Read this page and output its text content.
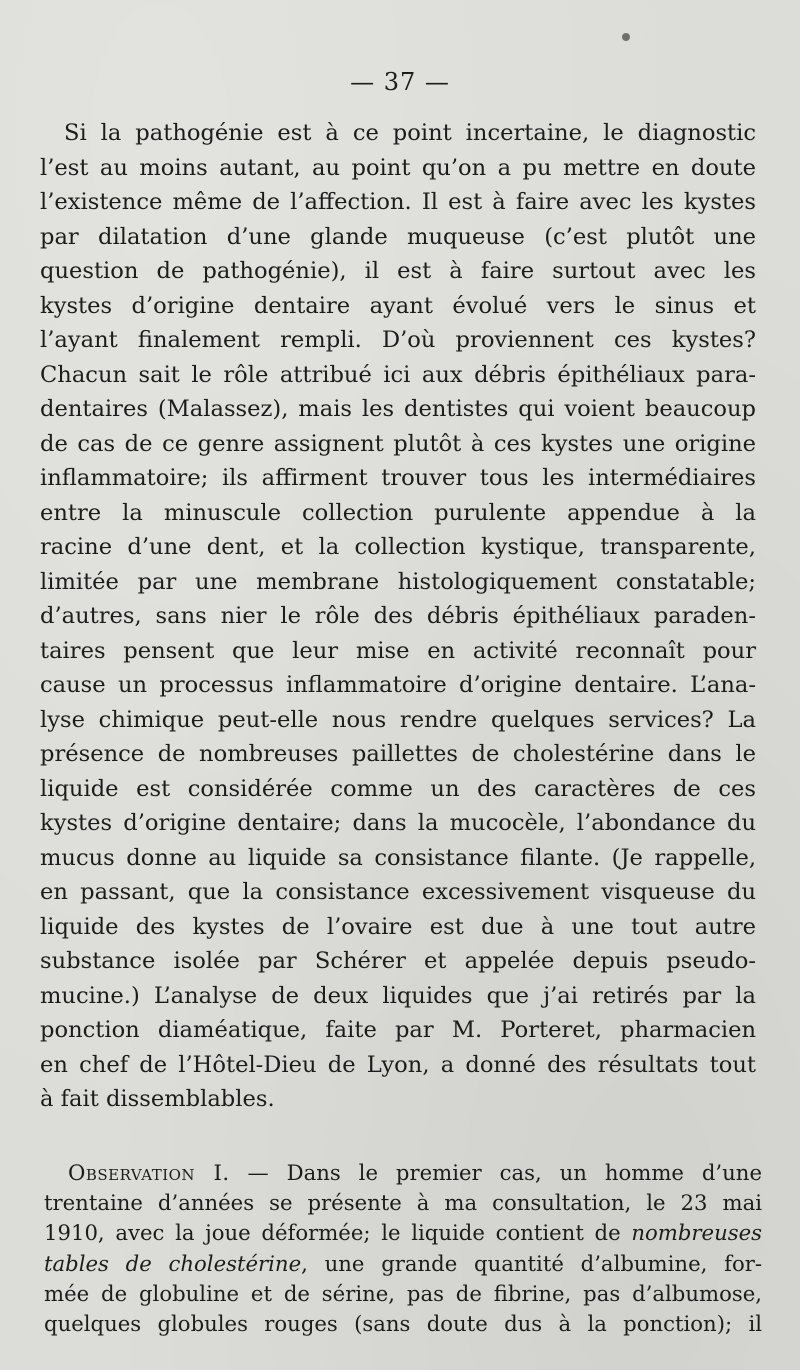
— 37 —
Si la pathogénie est à ce point incertaine, le diagnostic
l’est au moins autant, au point qu’on a pu mettre en doute
l’existence même de l’affection. Il est à faire avec les kystes
par dilatation d’une glande muqueuse (c’est plutôt une
question de pathogénie), il est à faire surtout avec les
kystes d’origine dentaire ayant évolué vers le sinus et
l’ayant finalement rempli. D’où proviennent ces kystes?
Chacun sait le rôle attribué ici aux débris épithéliaux para-
dentaires (Malassez), mais les dentistes qui voient beaucoup
de cas de ce genre assignent plutôt à ces kystes une origine
inflammatoire; ils affirment trouver tous les intermédiaires
entre la minuscule collection purulente appendue à la
racine d’une dent, et la collection kystique, transparente,
limitée par une membrane histologiquement constatable;
d’autres, sans nier le rôle des débris épithéliaux paraden-
taires pensent que leur mise en activité reconnaît pour
cause un processus inflammatoire d’origine dentaire. L’ana-
lyse chimique peut-elle nous rendre quelques services? La
présence de nombreuses paillettes de cholestérine dans le
liquide est considérée comme un des caractères de ces
kystes d’origine dentaire; dans la mucocèle, l’abondance du
mucus donne au liquide sa consistance filante. (Je rappelle,
en passant, que la consistance excessivement visqueuse du
liquide des kystes de l’ovaire est due à une tout autre
substance isolée par Schérer et appelée depuis pseudo-
mucine.) L’analyse de deux liquides que j’ai retirés par la
ponction diaméatique, faite par M. Porteret, pharmacien
en chef de l’Hôtel-Dieu de Lyon, a donné des résultats tout
à fait dissemblables.
Observation I. — Dans le premier cas, un homme d’une
trentaine d’années se présente à ma consultation, le 23 mai
1910, avec la joue déformée; le liquide contient de nombreuses
tables de cholestérine, une grande quantité d’albumine, for-
mée de globuline et de sérine, pas de fibrine, pas d’albumose,
quelques globules rouges (sans doute dus à la ponction); il
